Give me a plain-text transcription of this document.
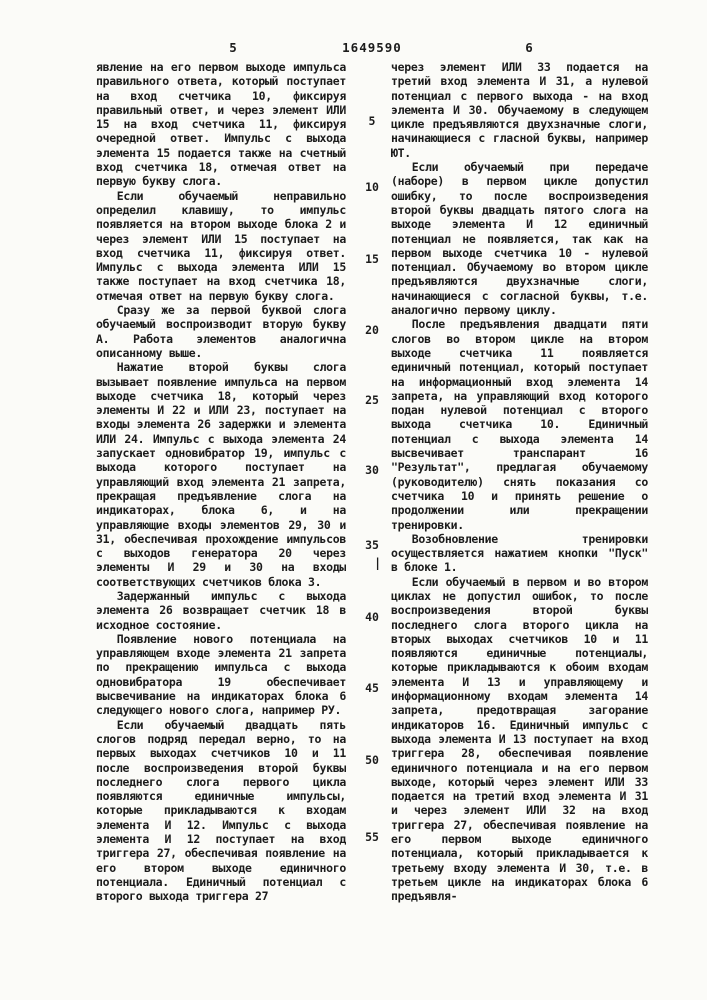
5	1649590	6

явление на его первом выходе импульса правильного ответа, который поступает на вход счетчика 10, фиксируя правильный ответ, и через элемент ИЛИ 15 на вход счетчика 11, фиксируя очередной ответ. Импульс с выхода элемента 15 подается также на счетный вход счетчика 18, отмечая ответ на первую букву слога.

Если обучаемый неправильно определил клавишу, то импульс появляется на втором выходе блока 2 и через элемент ИЛИ 15 поступает на вход счетчика 11, фиксируя ответ. Импульс с выхода элемента ИЛИ 15 также поступает на вход счетчика 18, отмечая ответ на первую букву слога.

Сразу же за первой буквой слога обучаемый воспроизводит вторую букву А. Работа элементов аналогична описанному выше.

Нажатие второй буквы слога вызывает появление импульса на первом выходе счетчика 18, который через элементы И 22 и ИЛИ 23, поступает на входы элемента 26 задержки и элемента ИЛИ 24. Импульс с выхода элемента 24 запускает одновибратор 19, импульс с выхода которого поступает на управляющий вход элемента 21 запрета, прекращая предъявление слога на индикаторах, блока 6, и на управляющие входы элементов 29, 30 и 31, обеспечивая прохождение импульсов с выходов генератора 20 через элементы И 29 и 30 на входы соответствующих счетчиков блока 3.

Задержанный импульс с выхода элемента 26 возвращает счетчик 18 в исходное состояние.

Появление нового потенциала на управляющем входе элемента 21 запрета по прекращению импульса с выхода одновибратора 19 обеспечивает высвечивание на индикаторах блока 6 следующего нового слога, например РУ.

Если обучаемый двадцать пять слогов подряд передал верно, то на первых выходах счетчиков 10 и 11 после воспроизведения второй буквы последнего слога первого цикла появляются единичные импульсы, которые прикладываются к входам элемента И 12. Импульс с выхода элемента И 12 поступает на вход триггера 27, обеспечивая появление на его втором выходе единичного потенциала. Единичный потенциал с второго выхода триггера 27

5
10
15
20
25
30
35
|
40
45
50
55

через элемент ИЛИ 33 подается на третий вход элемента И 31, а нулевой потенциал с первого выхода - на вход элемента И 30. Обучаемому в следующем цикле предъявляются двухзначные слоги, начинающиеся с гласной буквы, например ЮТ.

Если обучаемый при передаче (наборе) в первом цикле допустил ошибку, то после воспроизведения второй буквы двадцать пятого слога на выходе элемента И 12 единичный потенциал не появляется, так как на первом выходе счетчика 10 - нулевой потенциал. Обучаемому во втором цикле предъявляются двухзначные слоги, начинающиеся с согласной буквы, т.е. аналогично первому циклу.

После предъявления двадцати пяти слогов во втором цикле на втором выходе счетчика 11 появляется единичный потенциал, который поступает на информационный вход элемента 14 запрета, на управляющий вход которого подан нулевой потенциал с второго выхода счетчика 10. Единичный потенциал с выхода элемента 14 высвечивает транспарант 16 "Результат", предлагая обучаемому (руководителю) снять показания со счетчика 10 и принять решение о продолжении или прекращении тренировки.

Возобновление тренировки осуществляется нажатием кнопки "Пуск" в блоке 1.

Если обучаемый в первом и во втором циклах не допустил ошибок, то после воспроизведения второй буквы последнего слога второго цикла на вторых выходах счетчиков 10 и 11 появляются единичные потенциалы, которые прикладываются к обоим входам элемента И 13 и управляющему и информационному входам элемента 14 запрета, предотвращая загорание индикаторов 16. Единичный импульс с выхода элемента И 13 поступает на вход триггера 28, обеспечивая появление единичного потенциала и на его первом выходе, который через элемент ИЛИ 33 подается на третий вход элемента И 31 и через элемент ИЛИ 32 на вход триггера 27, обеспечивая появление на его первом выходе единичного потенциала, который прикладывается к третьему входу элемента И 30, т.е. в третьем цикле на индикаторах блока 6 предъявля-
